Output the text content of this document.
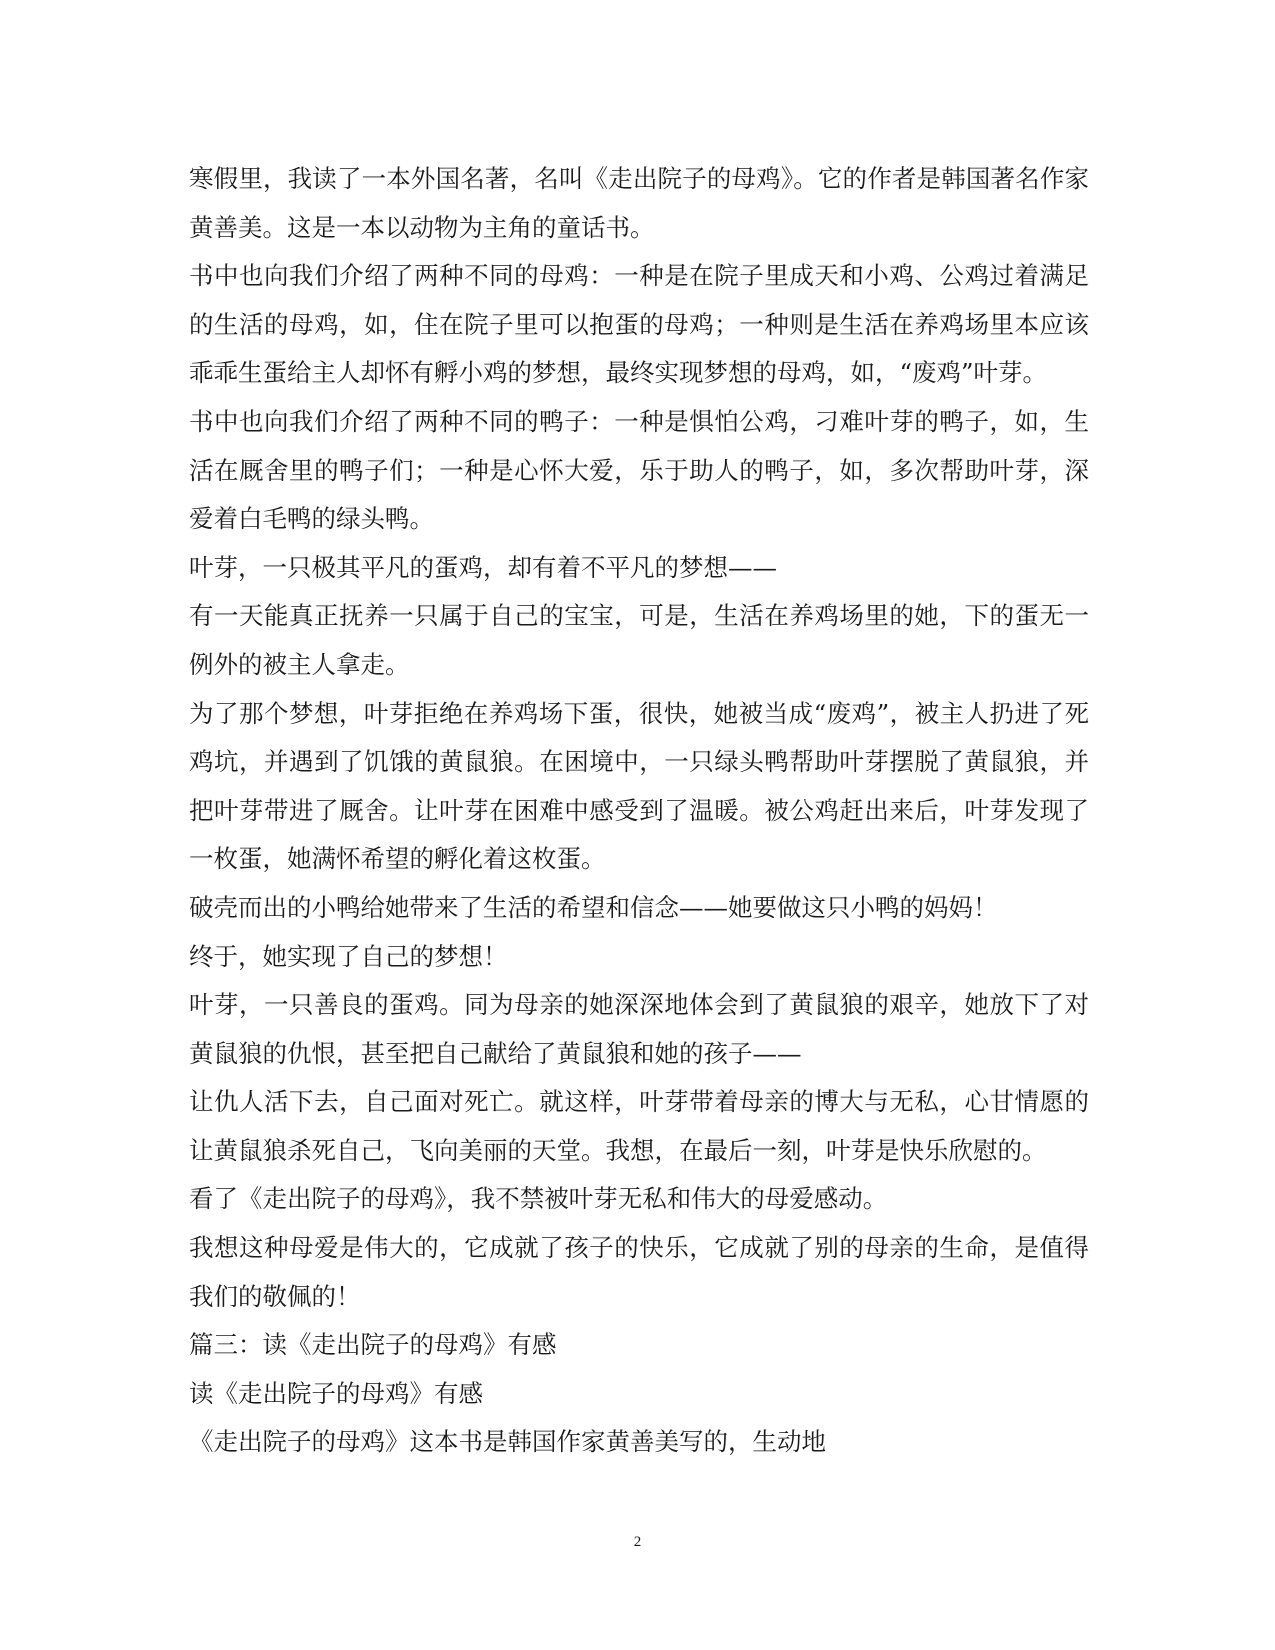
寒假里，我读了一本外国名著，名叫《走出院子的母鸡》。它的作者是韩国著名作家黄善美。这是一本以动物为主角的童话书。

书中也向我们介绍了两种不同的母鸡：一种是在院子里成天和小鸡、公鸡过着满足的生活的母鸡，如，住在院子里可以抱蛋的母鸡；一种则是生活在养鸡场里本应该乖乖生蛋给主人却怀有孵小鸡的梦想，最终实现梦想的母鸡，如，“废鸡”叶芽。

书中也向我们介绍了两种不同的鸭子：一种是惧怕公鸡，刁难叶芽的鸭子，如，生活在厩舍里的鸭子们；一种是心怀大爱，乐于助人的鸭子，如，多次帮助叶芽，深爱着白毛鸭的绿头鸭。

叶芽，一只极其平凡的蛋鸡，却有着不平凡的梦想——

有一天能真正抚养一只属于自己的宝宝，可是，生活在养鸡场里的她，下的蛋无一例外的被主人拿走。

为了那个梦想，叶芽拒绝在养鸡场下蛋，很快，她被当成“废鸡”，被主人扔进了死鸡坑，并遇到了饥饿的黄鼠狼。在困境中，一只绿头鸭帮助叶芽摆脱了黄鼠狼，并把叶芽带进了厩舍。让叶芽在困难中感受到了温暖。被公鸡赶出来后，叶芽发现了一枚蛋，她满怀希望的孵化着这枚蛋。

破壳而出的小鸭给她带来了生活的希望和信念——她要做这只小鸭的妈妈！

终于，她实现了自己的梦想！

叶芽，一只善良的蛋鸡。同为母亲的她深深地体会到了黄鼠狼的艰辛，她放下了对黄鼠狼的仇恨，甚至把自己献给了黄鼠狼和她的孩子——

让仇人活下去，自己面对死亡。就这样，叶芽带着母亲的博大与无私，心甘情愿的让黄鼠狼杀死自己，飞向美丽的天堂。我想，在最后一刻，叶芽是快乐欣慰的。

看了《走出院子的母鸡》，我不禁被叶芽无私和伟大的母爱感动。

我想这种母爱是伟大的，它成就了孩子的快乐，它成就了别的母亲的生命，是值得我们的敬佩的！

篇三：读《走出院子的母鸡》有感

读《走出院子的母鸡》有感

《走出院子的母鸡》这本书是韩国作家黄善美写的，生动地

2
